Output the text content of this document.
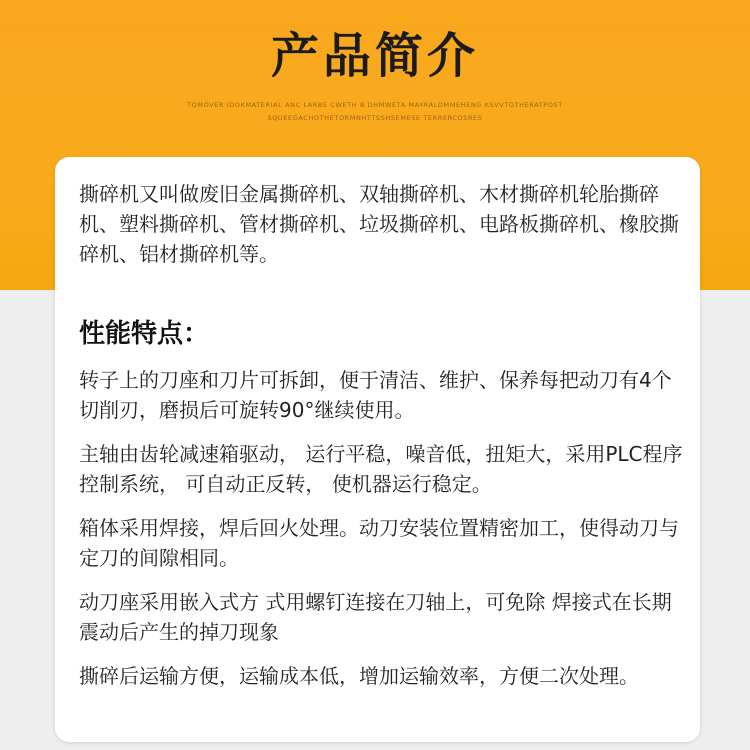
产品简介
TOMOVER IDOKMATERIAL ANC LARBE CWETH B DHMWETA MAYRALDMMEHENG KSVVTOTHERATPOST
SQUEEGACHOTHETORMNHTTSSHSEMESE TERRERCOSRES

撕碎机又叫做废旧金属撕碎机、双轴撕碎机、木材撕碎机轮胎撕碎机、塑料撕碎机、管材撕碎机、垃圾撕碎机、电路板撕碎机、橡胶撕碎机、铝材撕碎机等。

性能特点：

转子上的刀座和刀片可拆卸，便于清洁、维护、保养每把动刀有4个切削刃，磨损后可旋转90°继续使用。

主轴由齿轮减速箱驱动， 运行平稳，噪音低，扭矩大，采用PLC程序控制系统， 可自动正反转， 使机器运行稳定。

箱体采用焊接，焊后回火处理。动刀安装位置精密加工，使得动刀与定刀的间隙相同。

动刀座采用嵌入式方 式用螺钉连接在刀轴上，可免除 焊接式在长期震动后产生的掉刀现象

撕碎后运输方便，运输成本低，增加运输效率，方便二次处理。
